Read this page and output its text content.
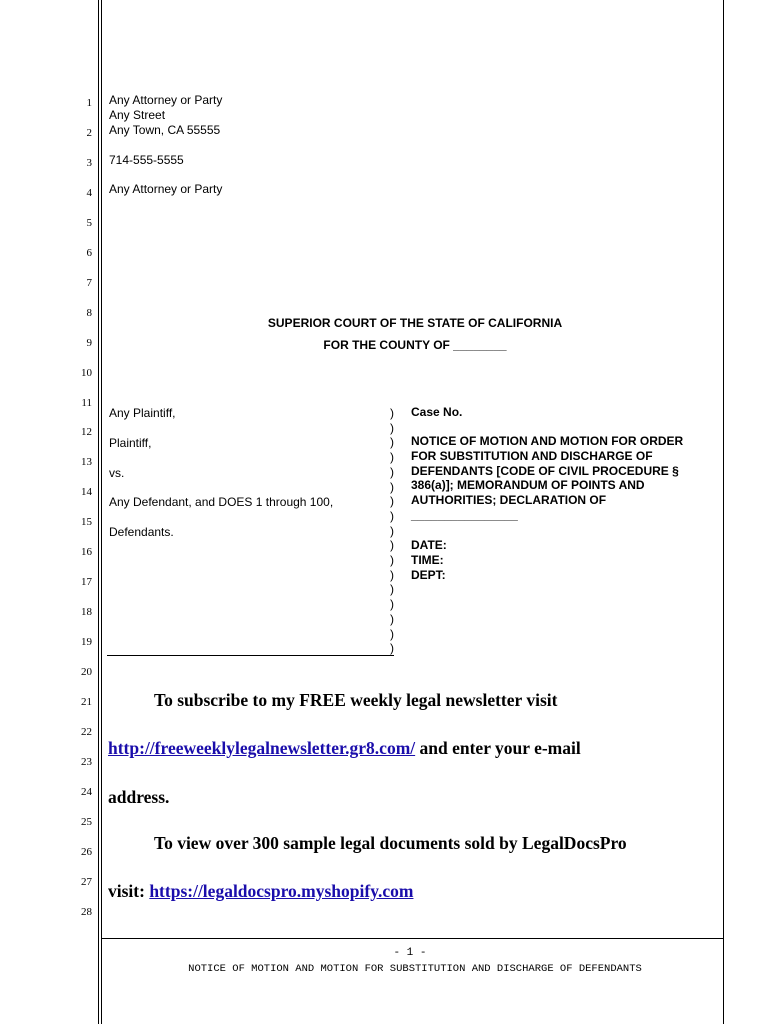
1
2
3
4
5
6
7
8
9
10
11
12
13
14
15
16
17
18
19
20
21
22
23
24
25
26
27
28
Any Attorney or Party
Any Street
Any Town, CA 55555
714-555-5555
Any Attorney or Party
SUPERIOR COURT OF THE STATE OF CALIFORNIA
FOR THE COUNTY OF ________
Any Plaintiff,
Plaintiff,
vs.
Any Defendant, and DOES 1 through 100,
Defendants.
)
)
)
)
)
)
)
)
)
)
)
)
)
)
)
)
)
Case No.
NOTICE OF MOTION AND MOTION FOR ORDER
FOR SUBSTITUTION AND DISCHARGE OF
DEFENDANTS [CODE OF CIVIL PROCEDURE §
386(a)]; MEMORANDUM OF POINTS AND
AUTHORITIES; DECLARATION OF
________________
DATE:
TIME:
DEPT:
To subscribe to my FREE weekly legal newsletter visit
http://freeweeklylegalnewsletter.gr8.com/ and enter your e-mail
address.
To view over 300 sample legal documents sold by LegalDocsPro
visit: https://legaldocspro.myshopify.com
- 1 -
NOTICE OF MOTION AND MOTION FOR SUBSTITUTION AND DISCHARGE OF DEFENDANTS
